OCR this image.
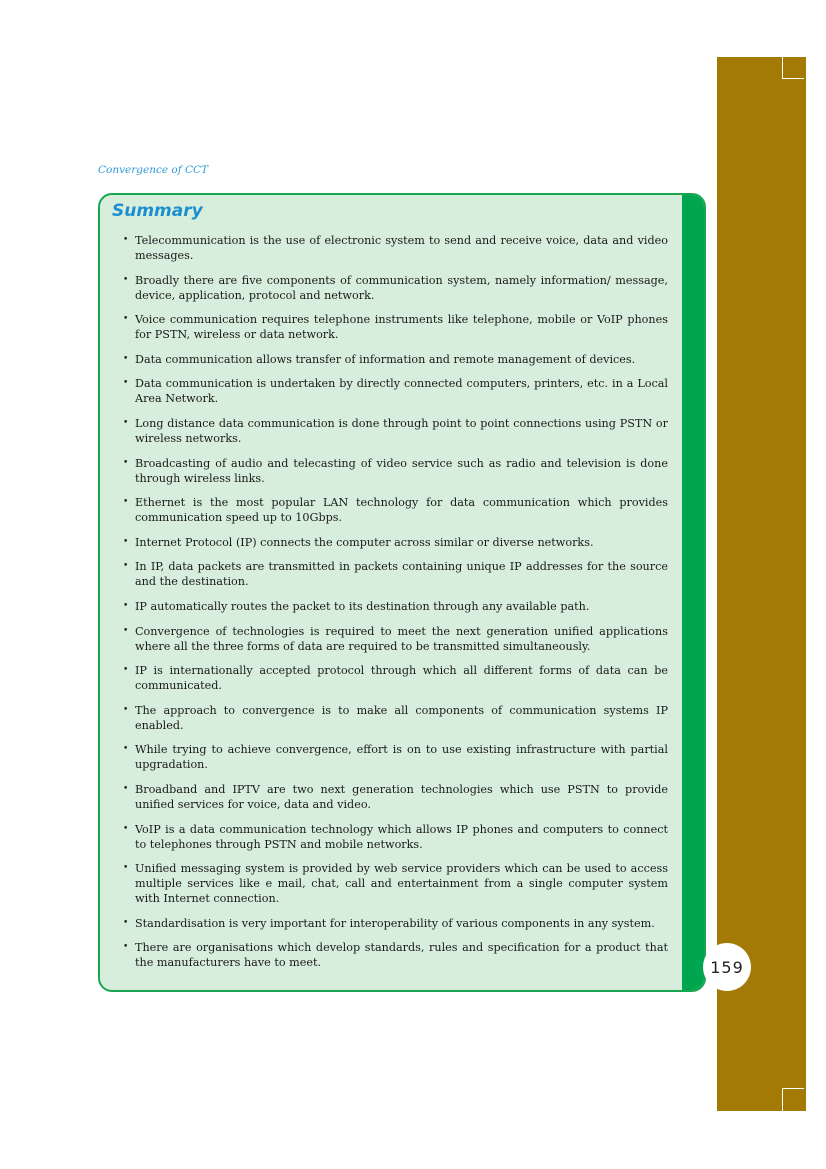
Convergence of CCT
Summary
• Telecommunication is the use of electronic system to send and receive voice, data and video messages.
• Broadly there are five components of communication system, namely information/ message, device, application, protocol and network.
• Voice communication requires telephone instruments like telephone, mobile or VoIP phones for PSTN, wireless or data network.
• Data communication allows transfer of information and remote management of devices.
• Data communication is undertaken by directly connected computers, printers, etc. in a Local Area Network.
• Long distance data communication is done through point to point connections using PSTN or wireless networks.
• Broadcasting of audio and telecasting of video service such as radio and television is done through wireless links.
• Ethernet is the most popular LAN technology for data communication which provides communication speed up to 10Gbps.
• Internet Protocol (IP) connects the computer across similar or diverse networks.
• In IP, data packets are transmitted in packets containing unique IP addresses for the source and the destination.
• IP automatically routes the packet to its destination through any available path.
• Convergence of technologies is required to meet the next generation unified applications where all the three forms of data are required to be transmitted simultaneously.
• IP is internationally accepted protocol through which all different forms of data can be communicated.
• The approach to convergence is to make all components of communication systems IP enabled.
• While trying to achieve convergence, effort is on to use existing infrastructure with partial upgradation.
• Broadband and IPTV are two next generation technologies which use PSTN to provide unified services for voice, data and video.
• VoIP is a data communication technology which allows IP phones and computers to connect to telephones through PSTN and mobile networks.
• Unified messaging system is provided by web service providers which can be used to access multiple services like e mail, chat, call and entertainment from a single computer system with Internet connection.
• Standardisation is very important for interoperability of various components in any system.
• There are organisations which develop standards, rules and specification for a product that the manufacturers have to meet.	159
